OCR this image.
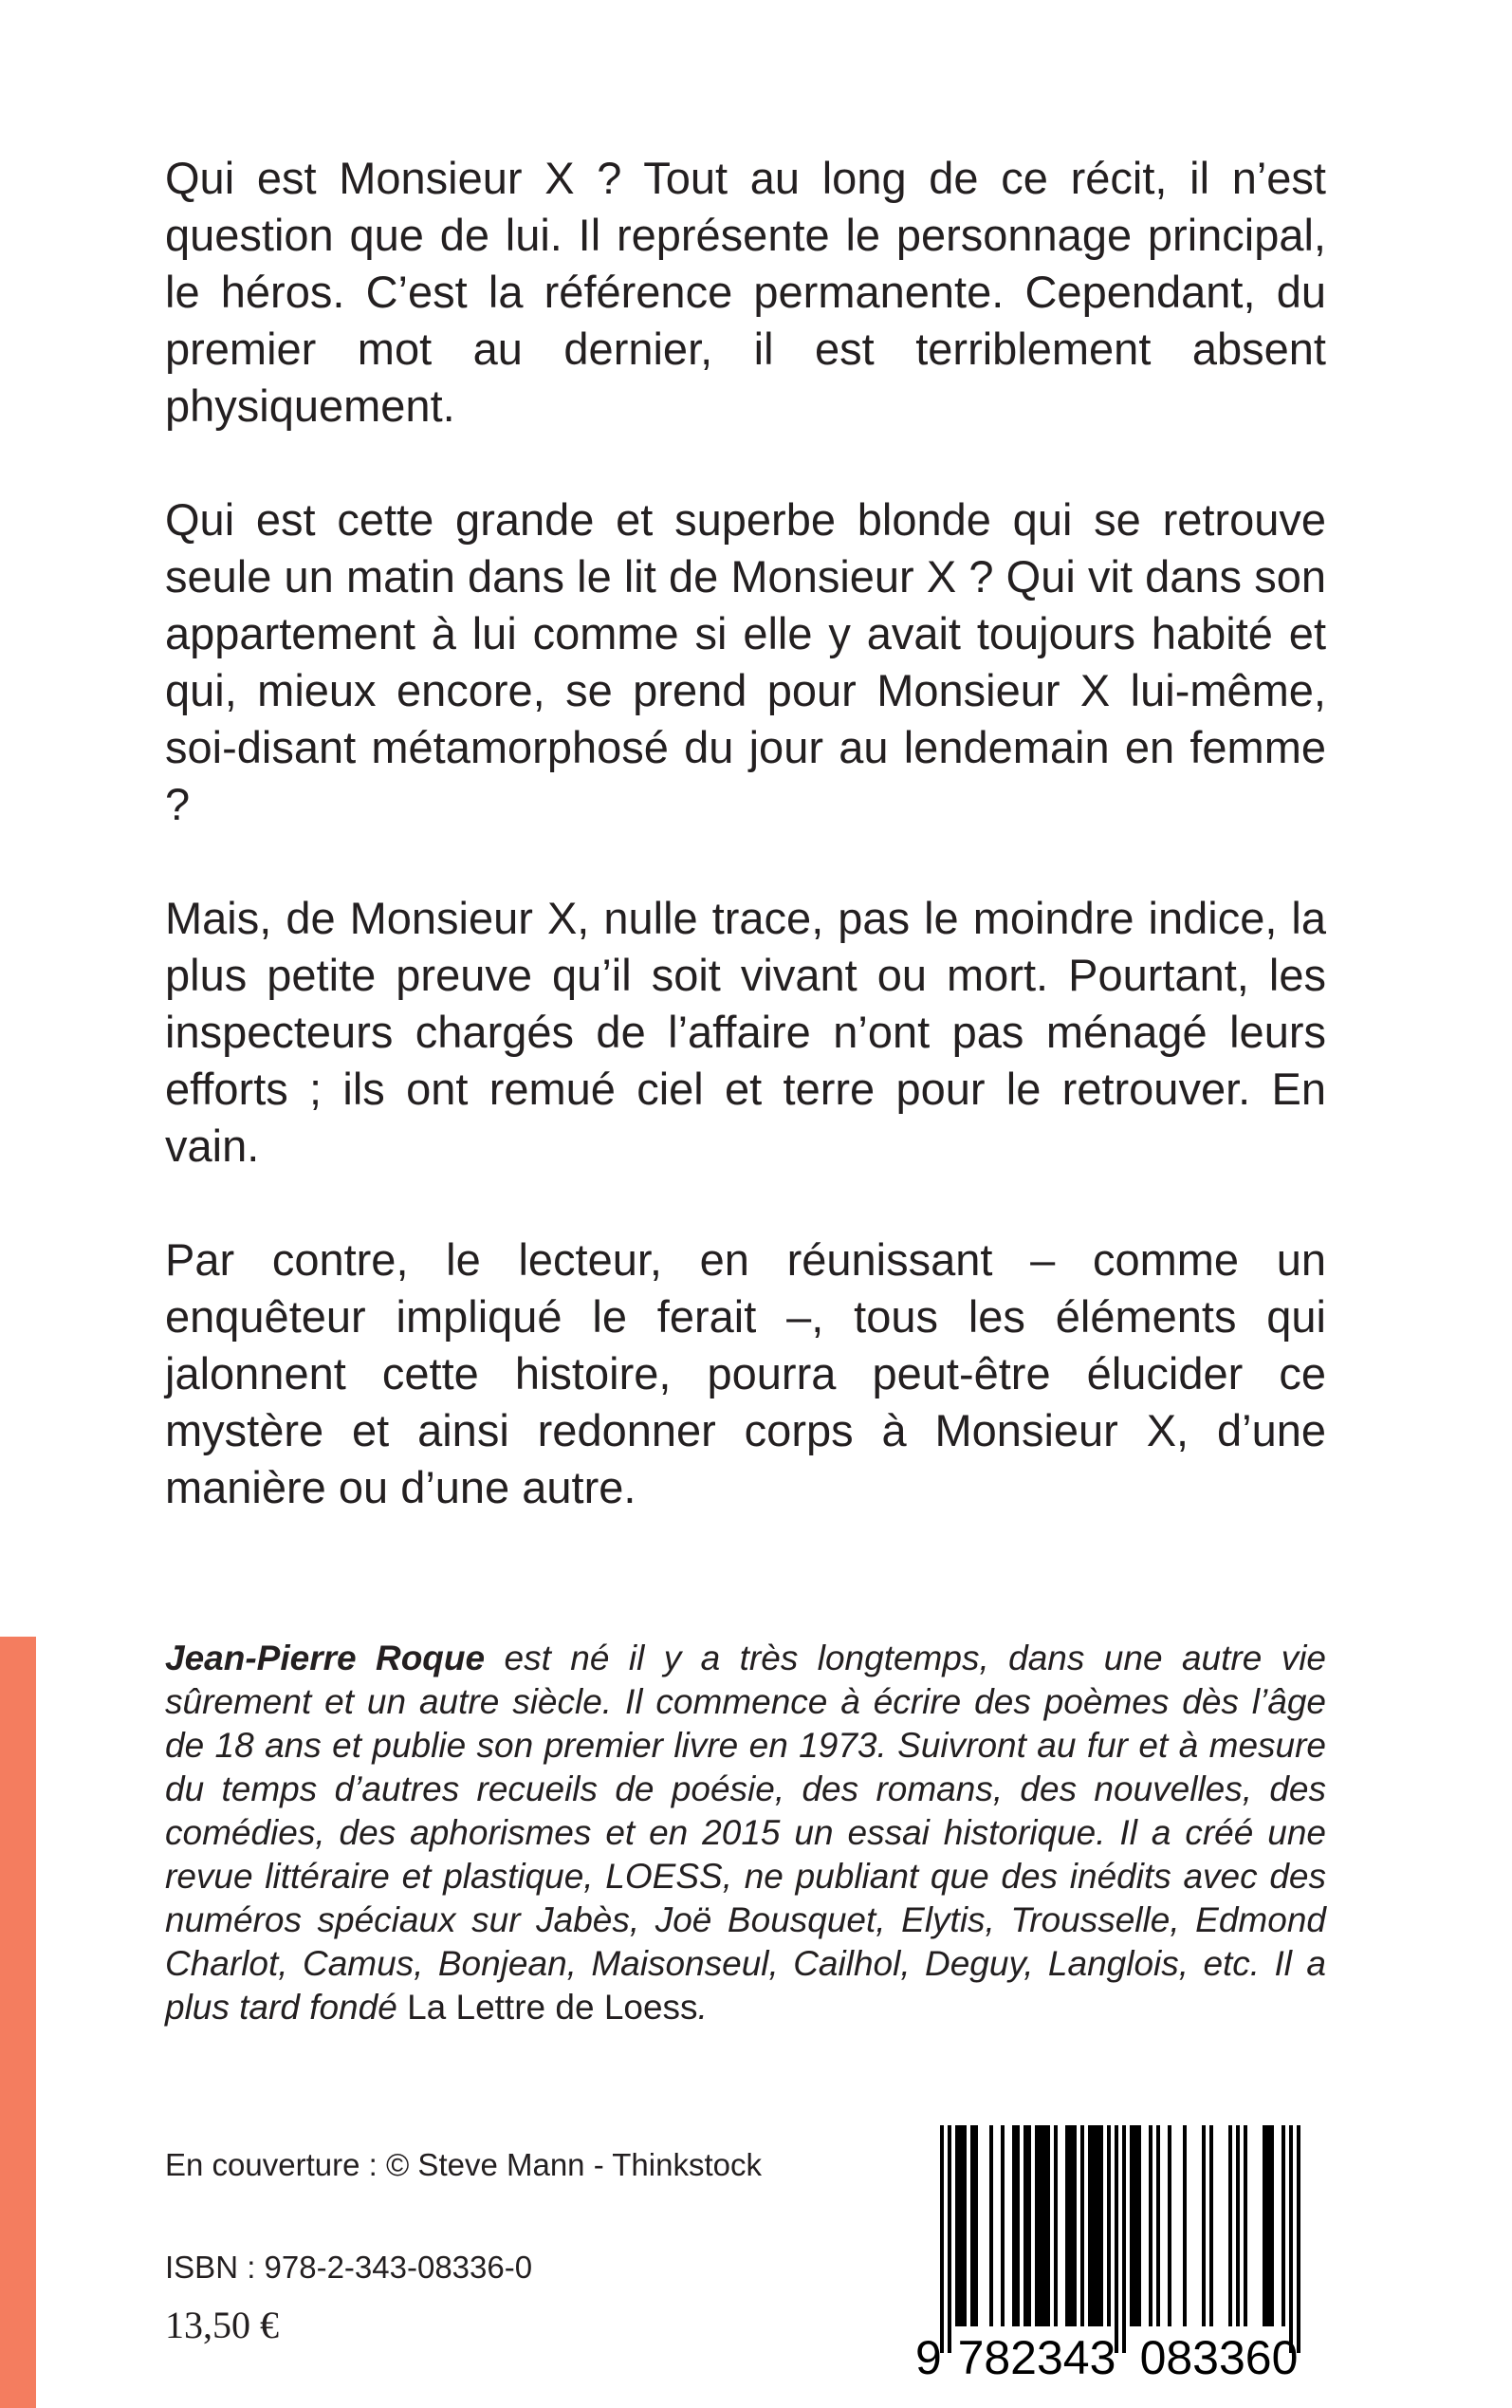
Qui est Monsieur X ? Tout au long de ce récit, il n’est question que de lui. Il représente le personnage principal, le héros. C’est la référence permanente. Cependant, du premier mot au dernier, il est terriblement absent physiquement.

Qui est cette grande et superbe blonde qui se retrouve seule un matin dans le lit de Monsieur X ? Qui vit dans son appartement à lui comme si elle y avait toujours habité et qui, mieux encore, se prend pour Monsieur X lui-même, soi-disant métamorphosé du jour au lendemain en femme ?

Mais, de Monsieur X, nulle trace, pas le moindre indice, la plus petite preuve qu’il soit vivant ou mort. Pourtant, les inspecteurs chargés de l’affaire n’ont pas ménagé leurs efforts ; ils ont remué ciel et terre pour le retrouver. En vain.

Par contre, le lecteur, en réunissant – comme un enquêteur impliqué le ferait –, tous les éléments qui jalonnent cette histoire, pourra peut-être élucider ce mystère et ainsi redonner corps à Monsieur X, d’une manière ou d’une autre.

Jean-Pierre Roque est né il y a très longtemps, dans une autre vie sûrement et un autre siècle. Il commence à écrire des poèmes dès l’âge de 18 ans et publie son premier livre en 1973. Suivront au fur et à mesure du temps d’autres recueils de poésie, des romans, des nouvelles, des comédies, des aphorismes et en 2015 un essai historique. Il a créé une revue littéraire et plastique, LOESS, ne publiant que des inédits avec des numéros spéciaux sur Jabès, Joë Bousquet, Elytis, Trousselle, Edmond Charlot, Camus, Bonjean, Maisonseul, Cailhol, Deguy, Langlois, etc. Il a plus tard fondé La Lettre de Loess.
En couverture : © Steve Mann - Thinkstock
ISBN : 978-2-343-08336-0
13,50 €
9 782343 083360
